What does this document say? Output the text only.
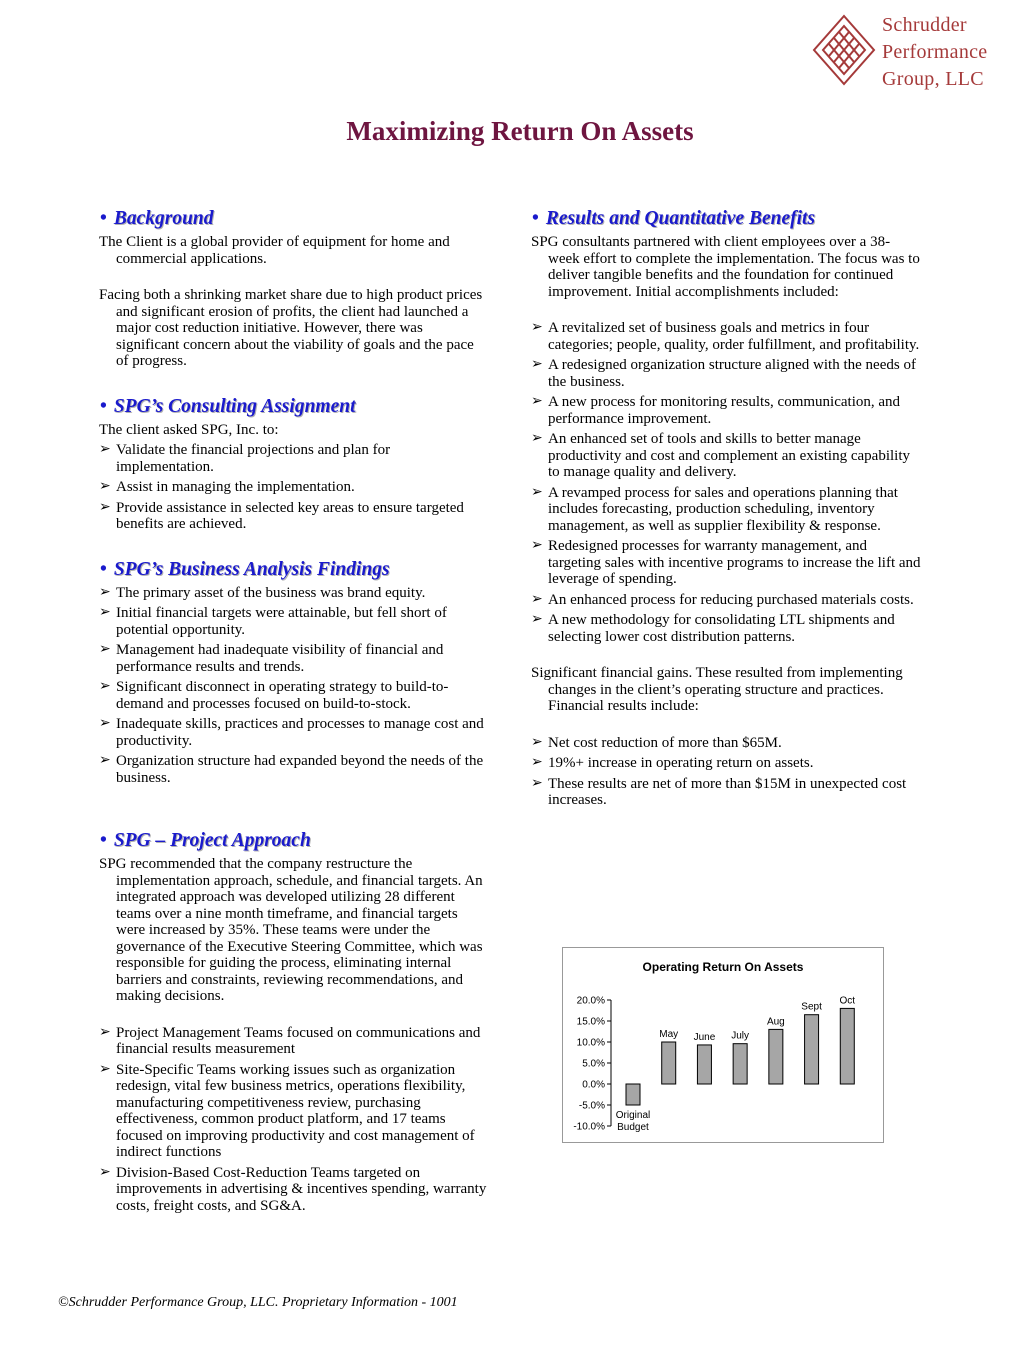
Schrudder
Performance
Group, LLC
Maximizing Return On Assets
• Background

The Client is a global provider of equipment for home and commercial applications.

Facing both a shrinking market share due to high product prices and significant erosion of profits, the client had launched a major cost reduction initiative. However, there was significant concern about the viability of goals and the pace of progress.

• SPG’s Consulting Assignment

The client asked SPG, Inc. to:

➢ Validate the financial projections and plan for implementation.
➢ Assist in managing the implementation.
➢ Provide assistance in selected key areas to ensure targeted benefits are achieved.
• SPG’s Business Analysis Findings
➢ The primary asset of the business was brand equity.
➢ Initial financial targets were attainable, but fell short of potential opportunity.
➢ Management had inadequate visibility of financial and performance results and trends.
➢ Significant disconnect in operating strategy to build-to-demand and processes focused on build-to-stock.
➢ Inadequate skills, practices and processes to manage cost and productivity.
➢ Organization structure had expanded beyond the needs of the business.
• SPG – Project Approach

SPG recommended that the company restructure the implementation approach, schedule, and financial targets. An integrated approach was developed utilizing 28 different teams over a nine month timeframe, and financial targets were increased by 35%. These teams were under the governance of the Executive Steering Committee, which was responsible for guiding the process, eliminating internal barriers and constraints, reviewing recommendations, and making decisions.

➢ Project Management Teams focused on communications and financial results measurement
➢ Site-Specific Teams working issues such as organization redesign, vital few business metrics, operations flexibility, manufacturing competitiveness review, purchasing effectiveness, common product platform, and 17 teams focused on improving productivity and cost management of indirect functions
➢ Division-Based Cost-Reduction Teams targeted on improvements in advertising & incentives spending, warranty costs, freight costs, and SG&A.
• Results and Quantitative Benefits

SPG consultants partnered with client employees over a 38-week effort to complete the implementation. The focus was to deliver tangible benefits and the foundation for continued improvement. Initial accomplishments included:

➢ A revitalized set of business goals and metrics in four categories; people, quality, order fulfillment, and profitability.
➢ A redesigned organization structure aligned with the needs of the business.
➢ A new process for monitoring results, communication, and performance improvement.
➢ An enhanced set of tools and skills to better manage productivity and cost and complement an existing capability to manage quality and delivery.
➢ A revamped process for sales and operations planning that includes forecasting, production scheduling, inventory management, as well as supplier flexibility & response.
➢ Redesigned processes for warranty management, and targeting sales with incentive programs to increase the lift and leverage of spending.
➢ An enhanced process for reducing purchased materials costs.
➢ A new methodology for consolidating LTL shipments and selecting lower cost distribution patterns.

Significant financial gains. These resulted from implementing changes in the client’s operating structure and practices. Financial results include:

➢ Net cost reduction of more than $65M.
➢ 19%+ increase in operating return on assets.
➢ These results are net of more than $15M in unexpected cost increases.
Operating Return On Assets
20.0%
15.0%
10.0%
5.0%
0.0%
-5.0%
-10.0%
Original
Budget
May June July
Aug
Sept
Oct
©Schrudder Performance Group, LLC. Proprietary Information - 1001
